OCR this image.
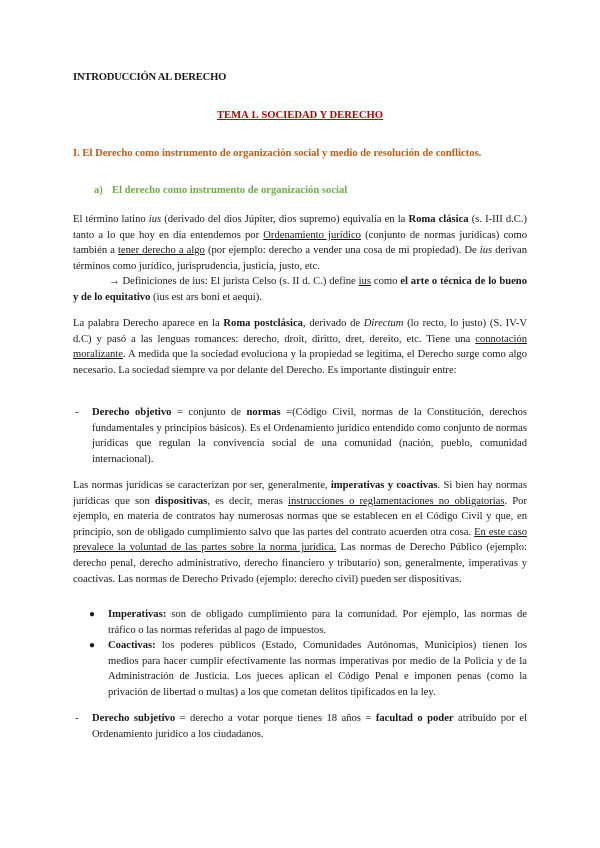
INTRODUCCIÓN AL DERECHO
TEMA 1. SOCIEDAD Y DERECHO
I. El Derecho como instrumento de organización social y medio de resolución de conflictos.
a) El derecho como instrumento de organización social

El término latino ius (derivado del dios Júpiter, dios supremo) equivalía en la Roma clásica (s. I-III d.C.) tanto a lo que hoy en día entendemos por Ordenamiento jurídico (conjunto de normas jurídicas) como también a tener derecho a algo (por ejemplo: derecho a vender una cosa de mi propiedad). De ius derivan términos como jurídico, jurisprudencia, justicia, justo, etc.

→ Definiciones de ius: El jurista Celso (s. II d. C.) define ius como el arte o técnica de lo bueno y de lo equitativo (ius est ars boni et aequi).

La palabra Derecho aparece en la Roma postclásica, derivado de Directum (lo recto, lo justo) (S. IV-V d.C) y pasó a las lenguas romances: derecho, droit, diritto, dret, dereito, etc. Tiene una connotación moralizante. A medida que la sociedad evoluciona y la propiedad se legitima, el Derecho surge como algo necesario. La sociedad siempre va por delante del Derecho. Es importante distinguir entre:

- Derecho objetivo = conjunto de normas =(Código Civil, normas de la Constitución, derechos fundamentales y principios básicos). Es el Ordenamiento jurídico entendido como conjunto de normas jurídicas que regulan la convivencia social de una comunidad (nación, pueblo, comunidad internacional).

Las normas jurídicas se caracterizan por ser, generalmente, imperativas y coactivas. Si bien hay normas jurídicas que son dispositivas, es decir, meras instrucciones o reglamentaciones no obligatorias. Por ejemplo, en materia de contratos hay numerosas normas que se establecen en el Código Civil y que, en principio, son de obligado cumplimiento salvo que las partes del contrato acuerden otra cosa. En este caso prevalece la voluntad de las partes sobre la norma jurídica. Las normas de Derecho Público (ejemplo: derecho penal, derecho administrativo, derecho financiero y tributario) son, generalmente, imperativas y coactivas. Las normas de Derecho Privado (ejemplo: derecho civil) pueden ser dispositivas.

● Imperativas: son de obligado cumplimiento para la comunidad. Por ejemplo, las normas de tráfico o las normas referidas al pago de impuestos.

● Coactivas: los poderes públicos (Estado, Comunidades Autónomas, Municipios) tienen los medios para hacer cumplir efectivamente las normas imperativas por medio de la Policía y de la Administración de Justicia. Los jueces aplican el Código Penal e imponen penas (como la privación de libertad o multas) a los que cometan delitos tipificados en la ley.

- Derecho subjetivo = derecho a votar porque tienes 18 años = facultad o poder atribuido por el Ordenamiento jurídico a los ciudadanos.
